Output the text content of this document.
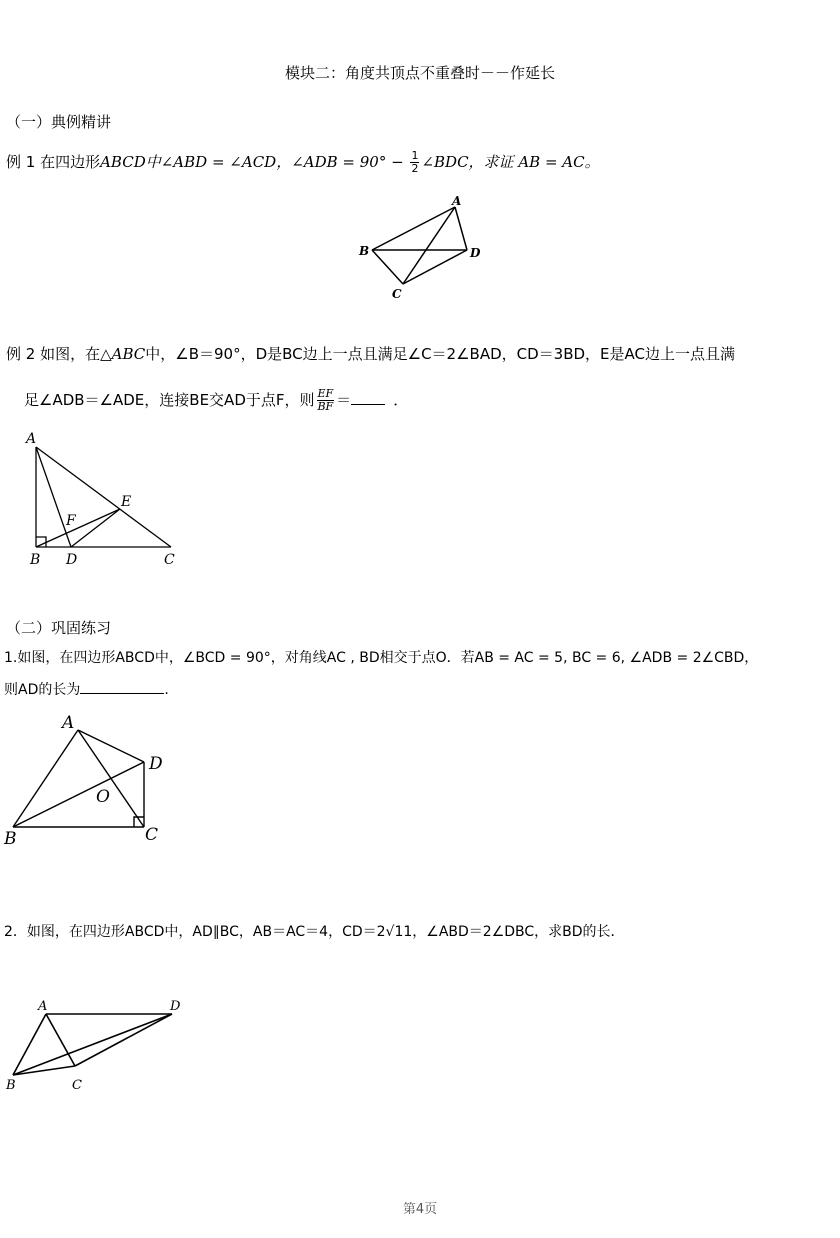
模块二：角度共顶点不重叠时－－作延长
（一）典例精讲
例 1 在四边形ABCD中∠ABD = ∠ACD，∠ADB = $90^\circ - \frac{1}{2}$ ∠BDC，求证 AB = AC。
A
B
C
D
例 2 如图，在△ABC中，∠B＝90°，D是BC边上一点且满足∠C＝2∠BAD，CD＝3BD，E是AC边上一点且满
足∠ADB＝∠ADE，连接BE交AD于点F，则 $\frac{EF}{BF}$ ＝	．
A
B	C
D
E
F
（二）巩固练习
1.如图，在四边形ABCD中，∠BCD = 90°，对角线AC , BD相交于点O．若AB = AC = 5, BC = 6, ∠ADB = 2∠CBD，
则AD的长为	.
A
B	C
D
O
2．如图，在四边形ABCD中，AD∥BC，AB＝AC＝4，CD＝2√11，∠ABD＝2∠DBC，求BD的长．
A
B	C
D
第4页
